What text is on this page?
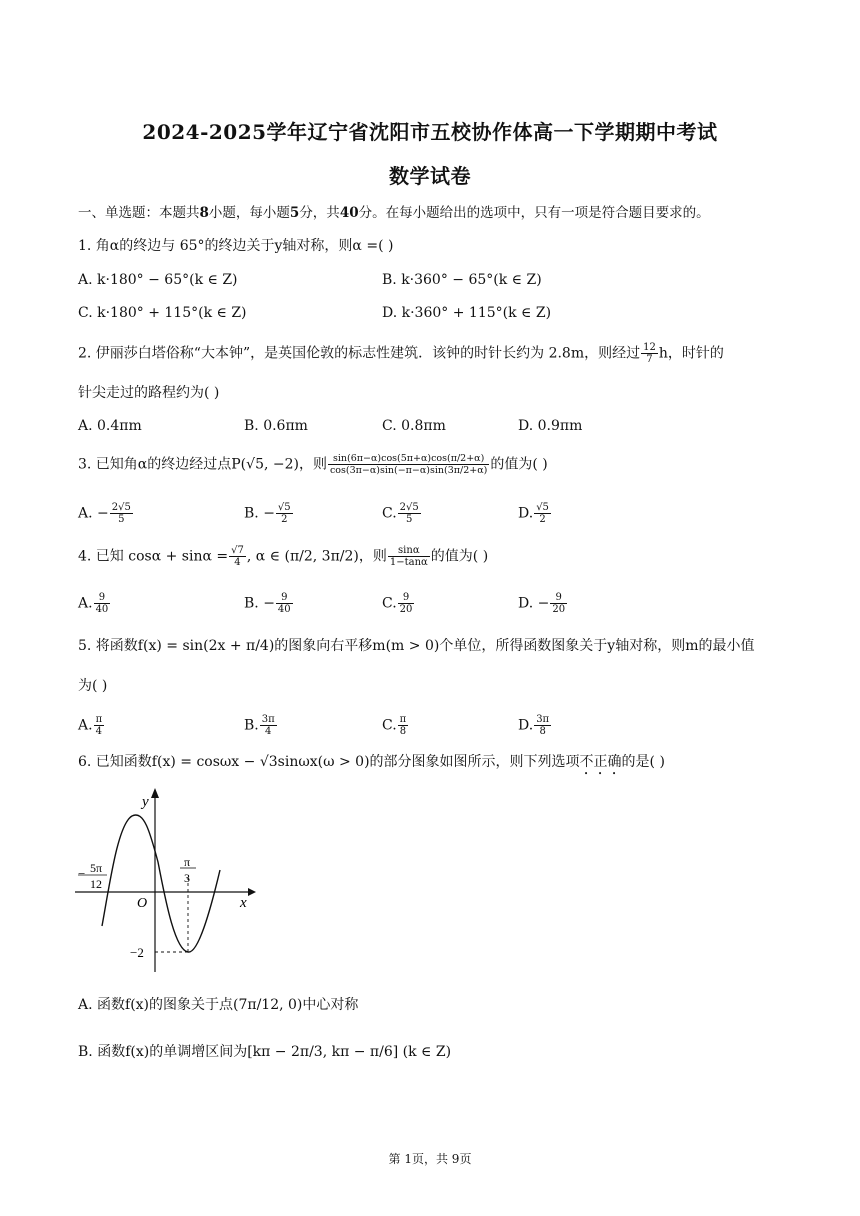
2024-2025学年辽宁省沈阳市五校协作体高一下学期期中考试
数学试卷
一、单选题：本题共8小题，每小题5分，共40分。在每小题给出的选项中，只有一项是符合题目要求的。
1. 角α的终边与 65°的终边关于y轴对称，则α =( )
A. k·180° − 65°(k ∈ Z)	B. k·360° − 65°(k ∈ Z)
C. k·180° + 115°(k ∈ Z)	D. k·360° + 115°(k ∈ Z)
2. 伊丽莎白塔俗称“大本钟”，是英国伦敦的标志性建筑．该钟的时针长约为 2.8m，则经过 $\frac{12}{7}$ h，时针的
针尖走过的路程约为( )
A. 0.4πm	B. 0.6πm	C. 0.8πm	D. 0.9πm
3. 已知角α的终边经过点P(√5, −2)，则 $\frac{\sin(6\pi-\alpha)\cos(5\pi+\alpha)\cos(\pi/2+\alpha)}{\cos(3\pi-\alpha)\sin(-\pi-\alpha)\sin(3\pi/2+\alpha)}$ 的值为( )
A. − $\frac{2√5}{5}$	B. − $\frac{√5}{2}$	C. $\frac{2√5}{5}$	D. $\frac{√5}{2}$
4. 已知 $\cos\alpha + \sin\alpha = \frac{√7}{4}$ , α ∈ (π/2, 3π/2)，则 $\frac{\sin\alpha}{1-\tan\alpha}$ 的值为( )
A. $\frac{9}{40}$	B. − $\frac{9}{40}$	C. $\frac{9}{20}$	D. − $\frac{9}{20}$
5. 将函数f(x) = sin(2x + π/4)的图象向右平移m(m > 0)个单位，所得函数图象关于y轴对称，则m的最小值
为( )
A. $\frac{\pi}{4}$	B. $\frac{3\pi}{4}$	C. $\frac{\pi}{8}$	D. $\frac{3\pi}{8}$
6. 已知函数f(x) = cosωx − √3sinωx(ω > 0)的部分图象如图所示，则下列选项不正确的是( )
y
x
O
− 5π
12
π
3
−2
A. 函数f(x)的图象关于点(7π/12, 0)中心对称
B. 函数f(x)的单调增区间为[kπ − 2π/3, kπ − π/6] (k ∈ Z)
第 1页，共 9页
